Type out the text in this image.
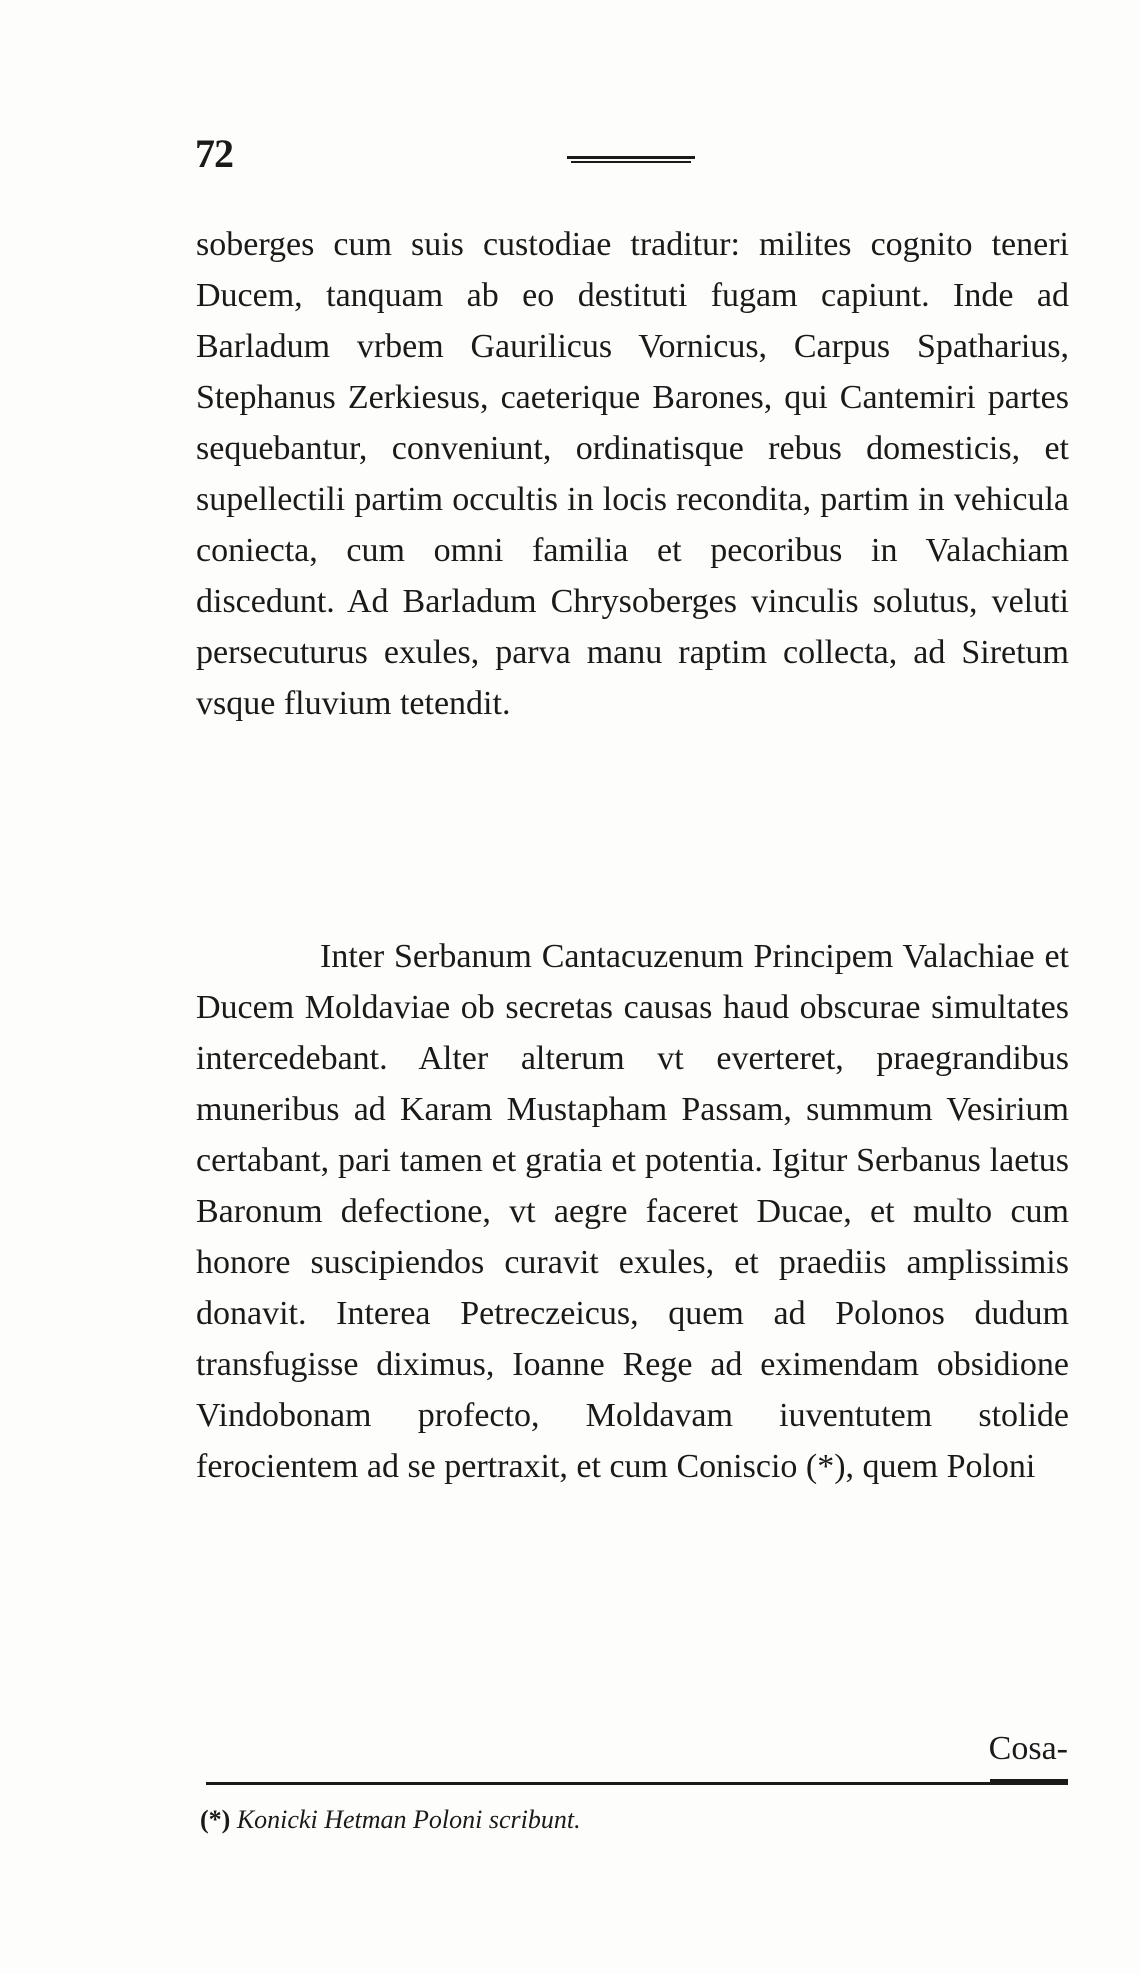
72

soberges cum suis custodiae traditur: milites cognito teneri Ducem, tanquam ab eo destituti fugam capiunt. Inde ad Barladum vrbem Gaurilicus Vornicus, Carpus Spatharius, Stephanus Zerkiesus, caeterique Barones, qui Cantemiri partes sequebantur, conveniunt, ordinatisque rebus domesticis, et supellectili partim occultis in locis recondita, partim in vehicula coniecta, cum omni familia et pecoribus in Valachiam discedunt. Ad Barladum Chrysoberges vinculis solutus, veluti persecuturus exules, parva manu raptim collecta, ad Siretum vsque fluvium tetendit.

Inter Serbanum Cantacuzenum Principem Valachiae et Ducem Moldaviae ob secretas causas haud obscurae simultates intercedebant. Alter alterum vt everteret, praegrandibus muneribus ad Karam Mustapham Passam, summum Vesirium certabant, pari tamen et gratia et potentia. Igitur Serbanus laetus Baronum defectione, vt aegre faceret Ducae, et multo cum honore suscipiendos curavit exules, et praediis amplissimis donavit. Interea Petreczeicus, quem ad Polonos dudum transfugisse diximus, Ioanne Rege ad eximendam obsidione Vindobonam profecto, Moldavam iuventutem stolide ferocientem ad se pertraxit, et cum Coniscio (*), quem Poloni

Cosa-
(*) Konicki Hetman Poloni scribunt.
